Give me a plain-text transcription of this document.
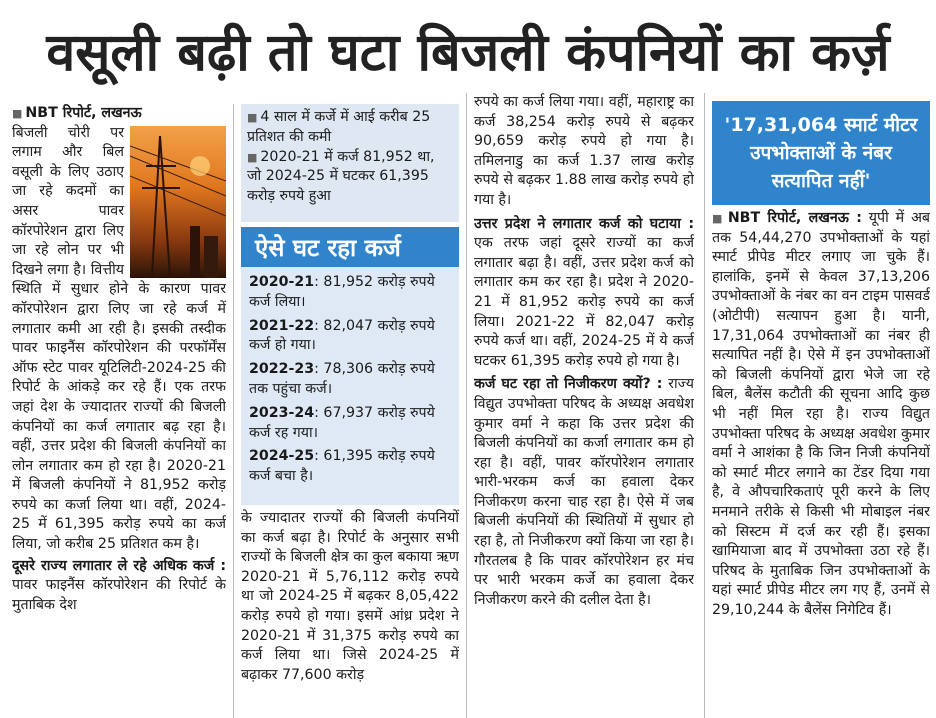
वसूली बढ़ी तो घटा बिजली कंपनियों का कर्ज़

■ NBT रिपोर्ट, लखनऊ

बिजली चोरी पर लगाम और बिल वसूली के लिए उठाए जा रहे कदमों का असर पावर कॉरपोरेशन द्वारा लिए जा रहे लोन पर भी दिखने लगा है। वित्तीय स्थिति में सुधार होने के कारण पावर कॉरपोरेशन द्वारा लिए जा रहे कर्ज में लगातार कमी आ रही है। इसकी तस्दीक पावर फाइनैंस कॉरपोरेशन की परफॉर्मेंस ऑफ स्टेट पावर यूटिलिटी-2024-25 की रिपोर्ट के आंकड़े कर रहे हैं। एक तरफ जहां देश के ज्यादातर राज्यों की बिजली कंपनियों का कर्ज लगातार बढ़ रहा है। वहीं, उत्तर प्रदेश की बिजली कंपनियों का लोन लगातार कम हो रहा है। 2020-21 में बिजली कंपनियों ने 81,952 करोड़ रुपये का कर्जा लिया था। वहीं, 2024-25 में 61,395 करोड़ रुपये का कर्ज लिया, जो करीब 25 प्रतिशत कम है।

दूसरे राज्य लगातार ले रहे अधिक कर्ज : पावर फाइनैंस कॉरपोरेशन की रिपोर्ट के मुताबिक देश

■ 4 साल में कर्जे में आई करीब 25 प्रतिशत की कमी
■ 2020-21 में कर्ज 81,952 था, जो 2024-25 में घटकर 61,395 करोड़ रुपये हुआ
ऐसे घट रहा कर्ज

2020-21: 81,952 करोड़ रुपये कर्ज लिया।

2021-22: 82,047 करोड़ रुपये कर्ज हो गया।

2022-23: 78,306 करोड़ रुपये तक पहुंचा कर्ज।

2023-24: 67,937 करोड़ रुपये कर्ज रह गया।

2024-25: 61,395 करोड़ रुपये कर्ज बचा है।

के ज्यादातर राज्यों की बिजली कंपनियों का कर्ज बढ़ा है। रिपोर्ट के अनुसार सभी राज्यों के बिजली क्षेत्र का कुल बकाया ऋण 2020-21 में 5,76,112 करोड़ रुपये था जो 2024-25 में बढ़कर 8,05,422 करोड़ रुपये हो गया। इसमें आंध्र प्रदेश ने 2020-21 में 31,375 करोड़ रुपये का कर्ज लिया था। जिसे 2024-25 में बढ़ाकर 77,600 करोड़

रुपये का कर्ज लिया गया। वहीं, महाराष्ट्र का कर्ज 38,254 करोड़ रुपये से बढ़कर 90,659 करोड़ रुपये हो गया है। तमिलनाडु का कर्ज 1.37 लाख करोड़ रुपये से बढ़कर 1.88 लाख करोड़ रुपये हो गया है।

उत्तर प्रदेश ने लगातार कर्ज को घटाया : एक तरफ जहां दूसरे राज्यों का कर्ज लगातार बढ़ा है। वहीं, उत्तर प्रदेश कर्ज को लगातार कम कर रहा है। प्रदेश ने 2020-21 में 81,952 करोड़ रुपये का कर्ज लिया। 2021-22 में 82,047 करोड़ रुपये कर्ज था। वहीं, 2024-25 में ये कर्ज घटकर 61,395 करोड़ रुपये हो गया है।

कर्ज घट रहा तो निजीकरण क्यों? : राज्य विद्युत उपभोक्ता परिषद के अध्यक्ष अवधेश कुमार वर्मा ने कहा कि उत्तर प्रदेश की बिजली कंपनियों का कर्जा लगातार कम हो रहा है। वहीं, पावर कॉरपोरेशन लगातार भारी-भरकम कर्ज का हवाला देकर निजीकरण करना चाह रहा है। ऐसे में जब बिजली कंपनियों की स्थितियों में सुधार हो रहा है, तो निजीकरण क्यों किया जा रहा है। गौरतलब है कि पावर कॉरपोरेशन हर मंच पर भारी भरकम कर्जे का हवाला देकर निजीकरण करने की दलील देता है।

'17,31,064 स्मार्ट मीटर उपभोक्ताओं के नंबर सत्यापित नहीं'

■ NBT रिपोर्ट, लखनऊ : यूपी में अब तक 54,44,270 उपभोक्ताओं के यहां स्मार्ट प्रीपेड मीटर लगाए जा चुके हैं। हालांकि, इनमें से केवल 37,13,206 उपभोक्ताओं के नंबर का वन टाइम पासवर्ड (ओटीपी) सत्यापन हुआ है। यानी, 17,31,064 उपभोक्ताओं का नंबर ही सत्यापित नहीं है। ऐसे में इन उपभोक्ताओं को बिजली कंपनियों द्वारा भेजे जा रहे बिल, बैलेंस कटौती की सूचना आदि कुछ भी नहीं मिल रहा है। राज्य विद्युत उपभोक्ता परिषद के अध्यक्ष अवधेश कुमार वर्मा ने आशंका है कि जिन निजी कंपनियों को स्मार्ट मीटर लगाने का टेंडर दिया गया है, वे औपचारिकताएं पूरी करने के लिए मनमाने तरीके से किसी भी मोबाइल नंबर को सिस्टम में दर्ज कर रही हैं। इसका खामियाजा बाद में उपभोक्ता उठा रहे हैं। परिषद के मुताबिक जिन उपभोक्ताओं के यहां स्मार्ट प्रीपेड मीटर लग गए हैं, उनमें से 29,10,244 के बैलेंस निगेटिव हैं।
